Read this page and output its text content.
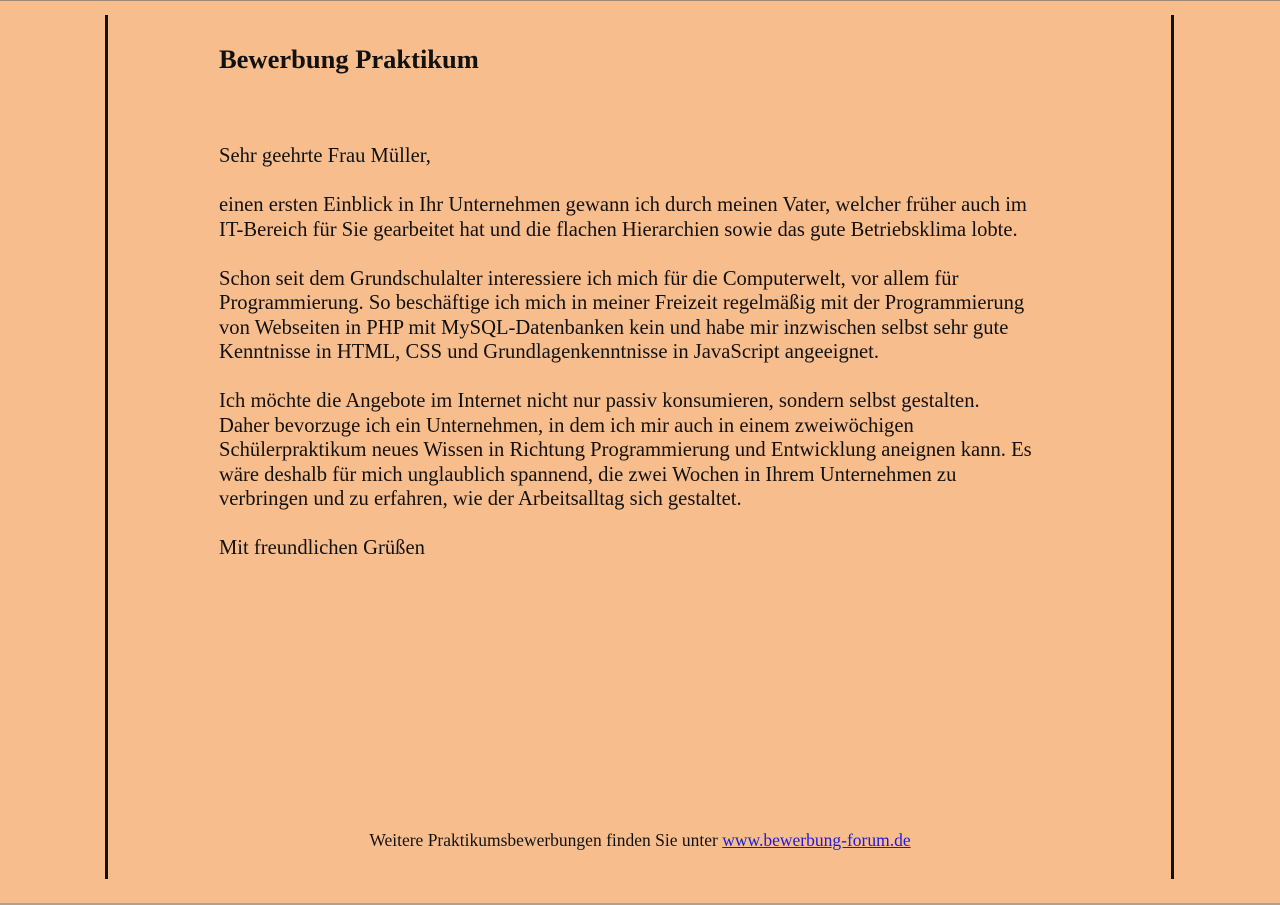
Bewerbung Praktikum

Sehr geehrte Frau Müller,

einen ersten Einblick in Ihr Unternehmen gewann ich durch meinen Vater, welcher früher auch im
IT-Bereich für Sie gearbeitet hat und die flachen Hierarchien sowie das gute Betriebsklima lobte.

Schon seit dem Grundschulalter interessiere ich mich für die Computerwelt, vor allem für
Programmierung. So beschäftige ich mich in meiner Freizeit regelmäßig mit der Programmierung
von Webseiten in PHP mit MySQL-Datenbanken kein und habe mir inzwischen selbst sehr gute
Kenntnisse in HTML, CSS und Grundlagenkenntnisse in JavaScript angeeignet.

Ich möchte die Angebote im Internet nicht nur passiv konsumieren, sondern selbst gestalten.
Daher bevorzuge ich ein Unternehmen, in dem ich mir auch in einem zweiwöchigen
Schülerpraktikum neues Wissen in Richtung Programmierung und Entwicklung aneignen kann. Es
wäre deshalb für mich unglaublich spannend, die zwei Wochen in Ihrem Unternehmen zu
verbringen und zu erfahren, wie der Arbeitsalltag sich gestaltet.

Mit freundlichen Grüßen

Weitere Praktikumsbewerbungen finden Sie unter www.bewerbung-forum.de
